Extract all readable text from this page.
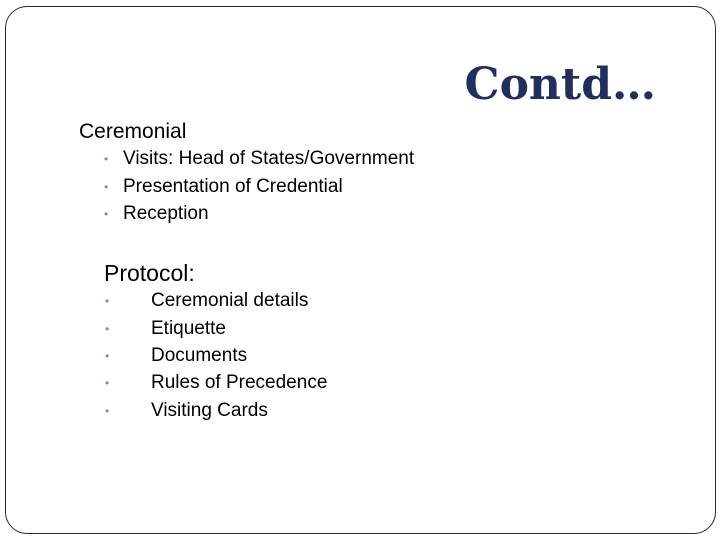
Contd…
Ceremonial
• Visits: Head of States/Government
• Presentation of Credential
• Reception
Protocol:
• Ceremonial details
• Etiquette
• Documents
• Rules of Precedence
• Visiting Cards
